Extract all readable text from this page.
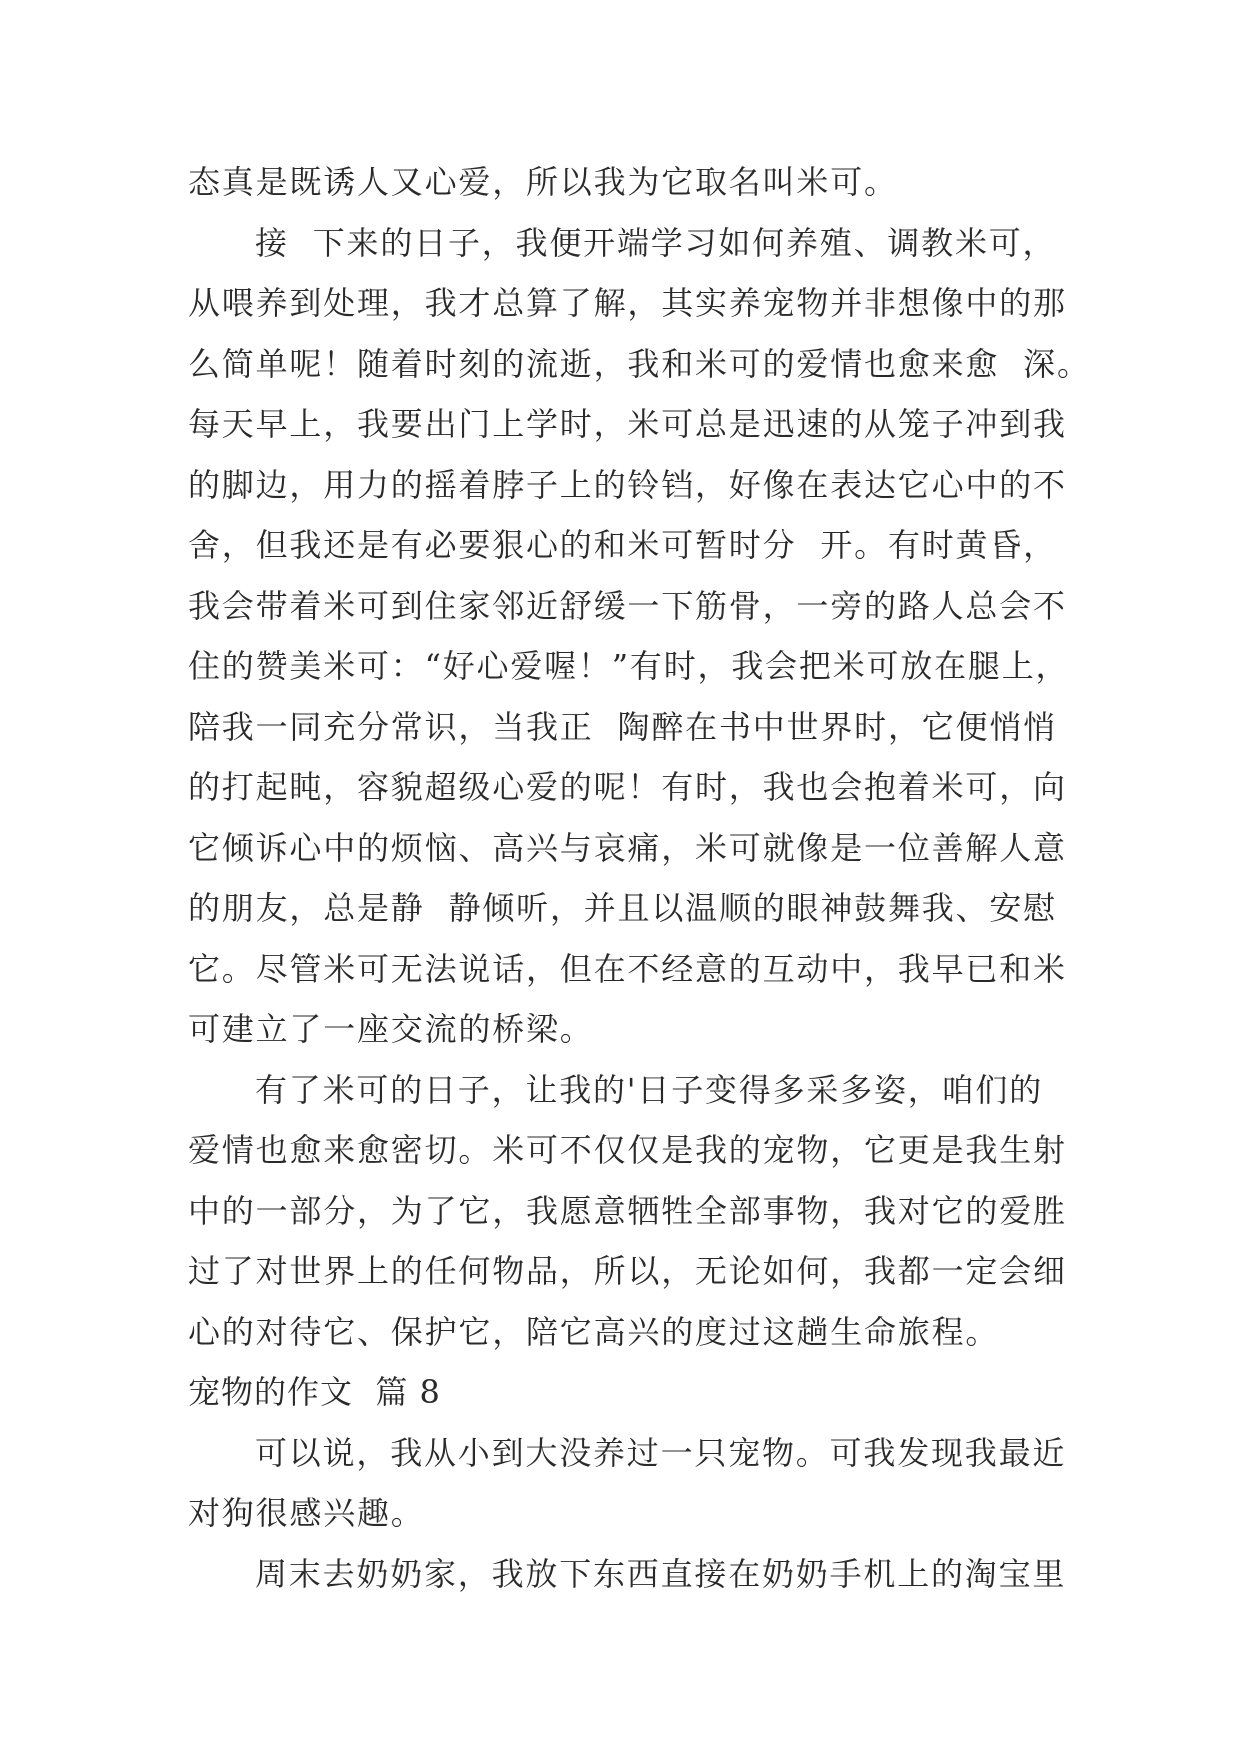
态真是既诱人又心爱，所以我为它取名叫米可。
接  下来的日子，我便开端学习如何养殖、调教米可，
从喂养到处理，我才总算了解，其实养宠物并非想像中的那
么简单呢！随着时刻的流逝，我和米可的爱情也愈来愈  深。
每天早上，我要出门上学时，米可总是迅速的从笼子冲到我
的脚边，用力的摇着脖子上的铃铛，好像在表达它心中的不
舍，但我还是有必要狠心的和米可暂时分  开。有时黄昏，
我会带着米可到住家邻近舒缓一下筋骨，一旁的路人总会不
住的赞美米可：“好心爱喔！”有时，我会把米可放在腿上，
陪我一同充分常识，当我正  陶醉在书中世界时，它便悄悄
的打起盹，容貌超级心爱的呢！有时，我也会抱着米可，向
它倾诉心中的烦恼、高兴与哀痛，米可就像是一位善解人意
的朋友，总是静  静倾听，并且以温顺的眼神鼓舞我、安慰
它。尽管米可无法说话，但在不经意的互动中，我早已和米
可建立了一座交流的桥梁。
有了米可的日子，让我的'日子变得多采多姿，咱们的
爱情也愈来愈密切。米可不仅仅是我的宠物，它更是我生射
中的一部分，为了它，我愿意牺牲全部事物，我对它的爱胜
过了对世界上的任何物品，所以，无论如何，我都一定会细
心的对待它、保护它，陪它高兴的度过这趟生命旅程。
宠物的作文  篇 8
可以说，我从小到大没养过一只宠物。可我发现我最近
对狗很感兴趣。
周末去奶奶家，我放下东西直接在奶奶手机上的淘宝里
